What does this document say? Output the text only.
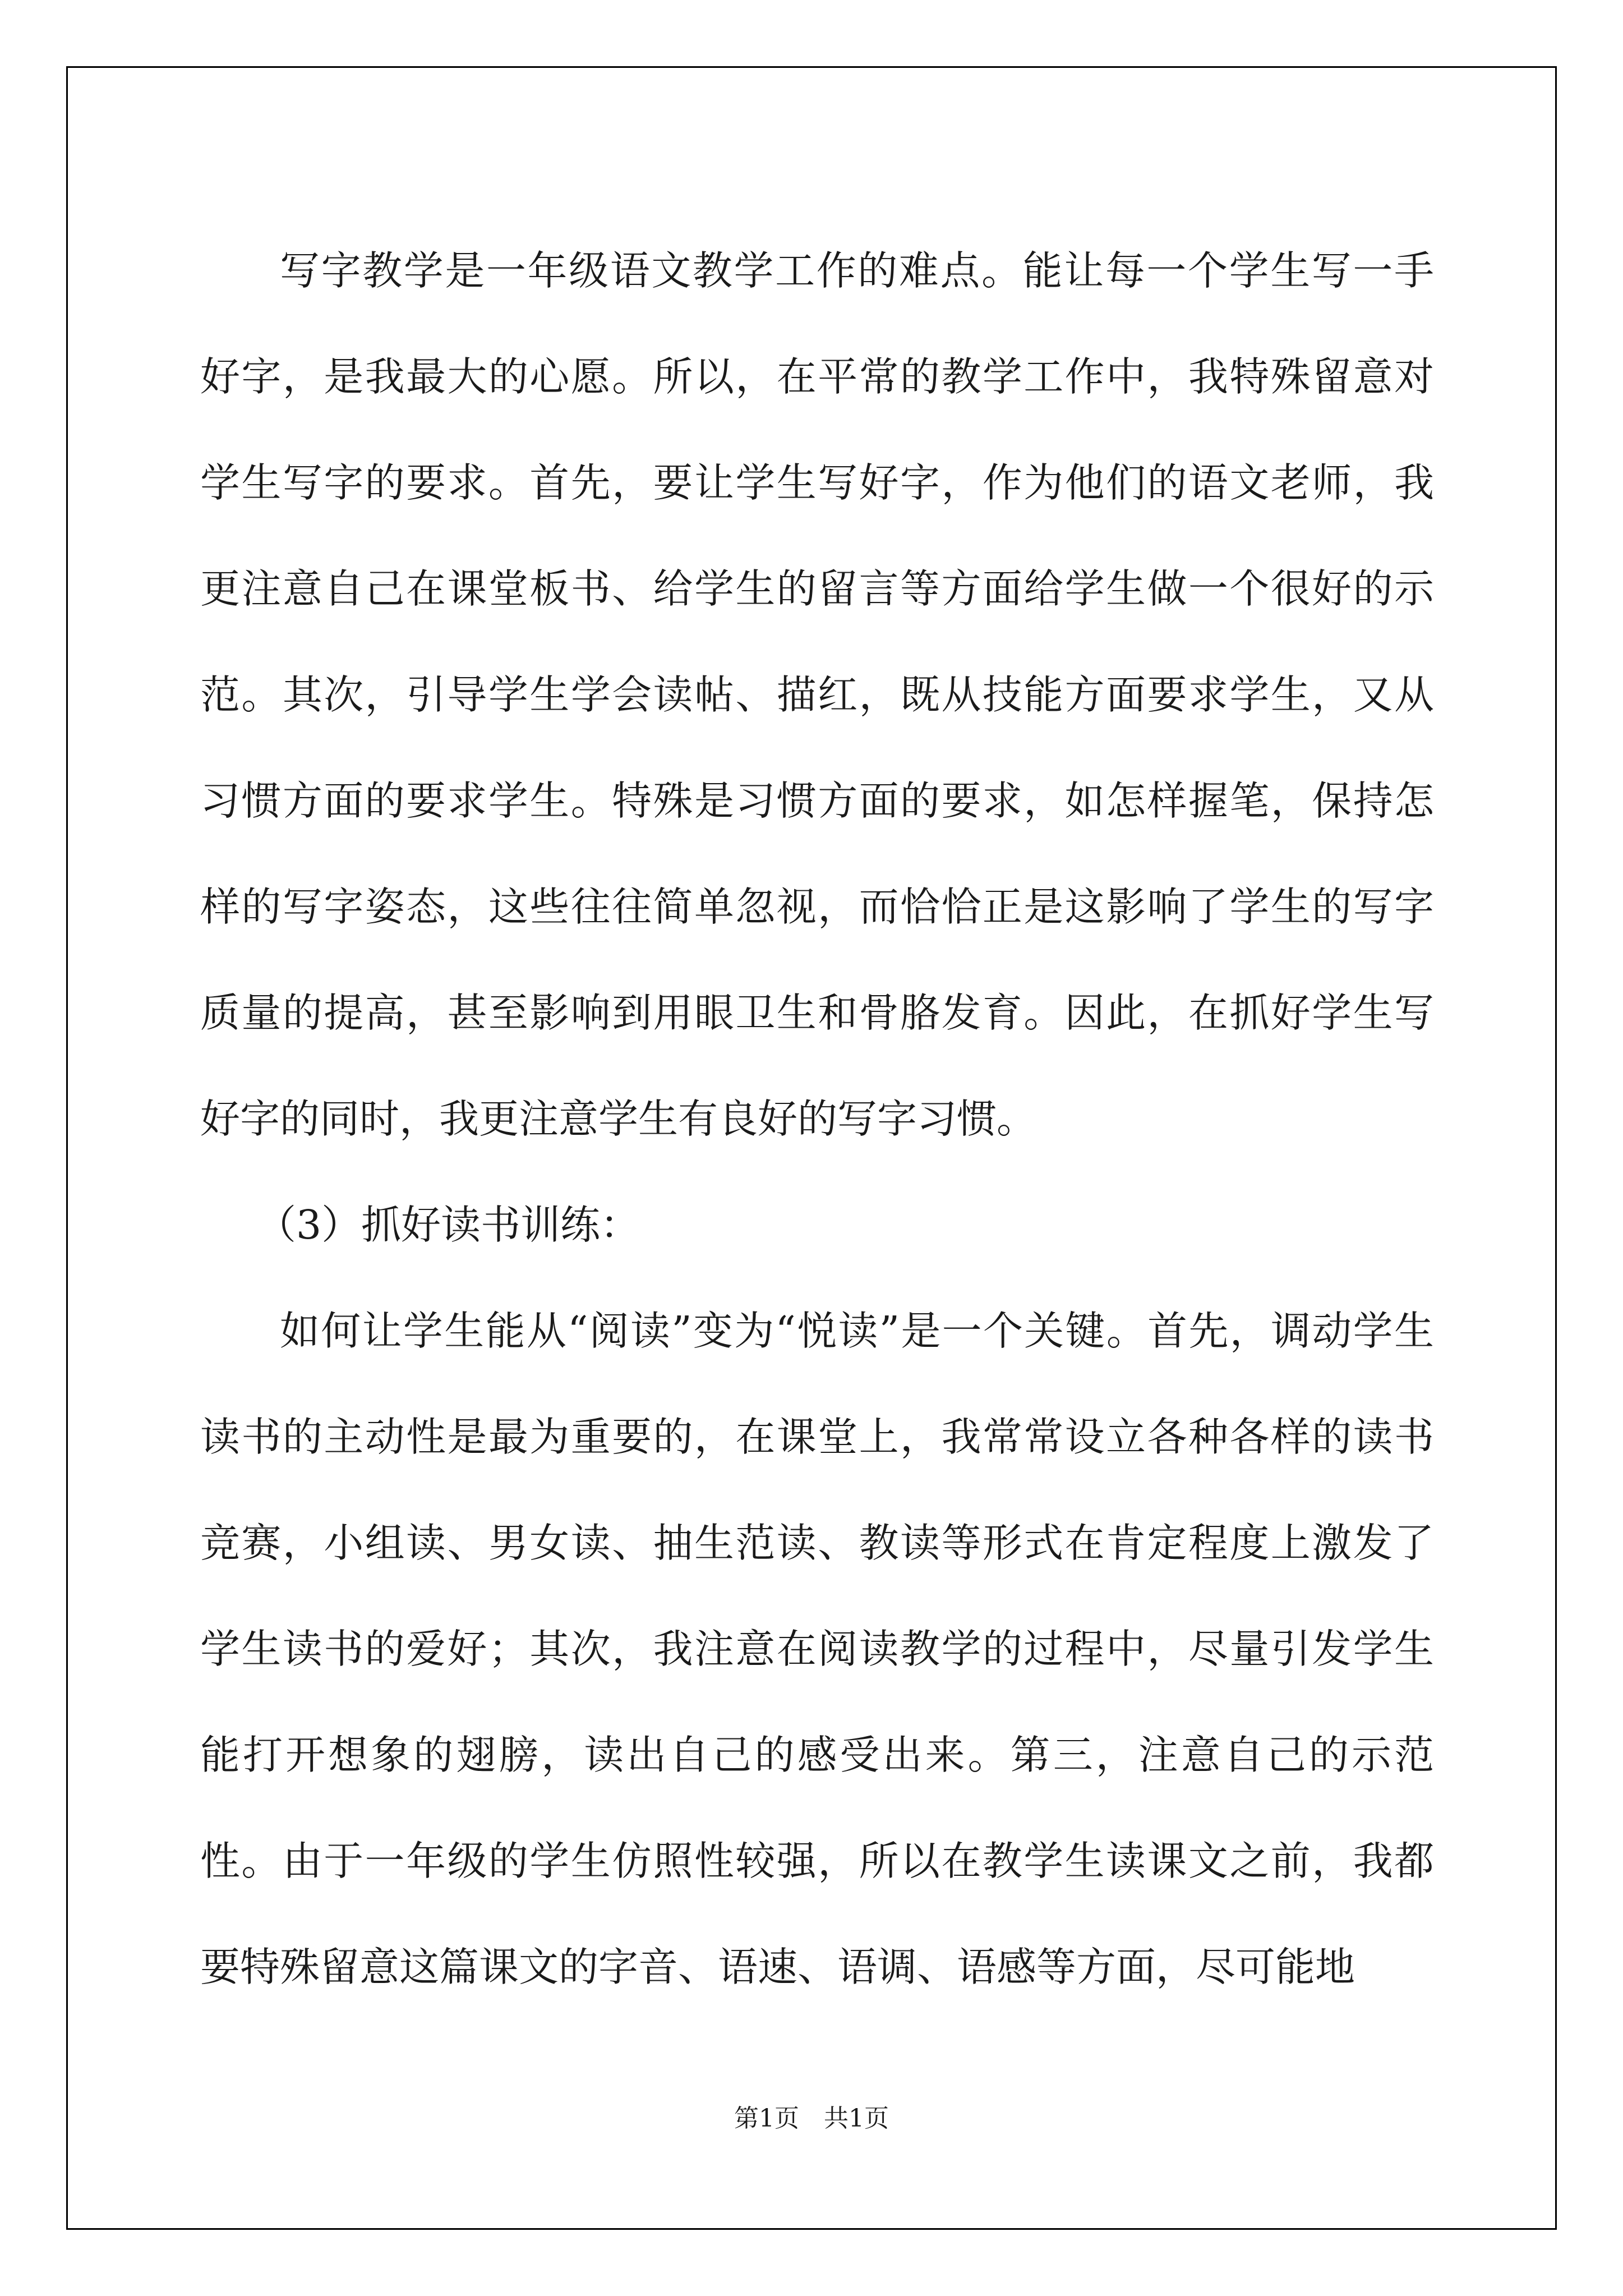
写字教学是一年级语文教学工作的难点。能让每一个学生写一手好字，是我最大的心愿。所以，在平常的教学工作中，我特殊留意对学生写字的要求。首先，要让学生写好字，作为他们的语文老师，我更注意自己在课堂板书、给学生的留言等方面给学生做一个很好的示范。其次，引导学生学会读帖、描红，既从技能方面要求学生，又从习惯方面的要求学生。特殊是习惯方面的要求，如怎样握笔，保持怎样的写字姿态，这些往往简单忽视，而恰恰正是这影响了学生的写字质量的提高，甚至影响到用眼卫生和骨胳发育。因此，在抓好学生写好字的同时，我更注意学生有良好的写字习惯。

（3）抓好读书训练：

如何让学生能从“阅读”变为“悦读”是一个关键。首先，调动学生读书的主动性是最为重要的，在课堂上，我常常设立各种各样的读书竞赛，小组读、男女读、抽生范读、教读等形式在肯定程度上激发了学生读书的爱好；其次，我注意在阅读教学的过程中，尽量引发学生能打开想象的翅膀，读出自己的感受出来。第三，注意自己的示范性。由于一年级的学生仿照性较强，所以在教学生读课文之前，我都要特殊留意这篇课文的字音、语速、语调、语感等方面，尽可能地

第1页　共1页
